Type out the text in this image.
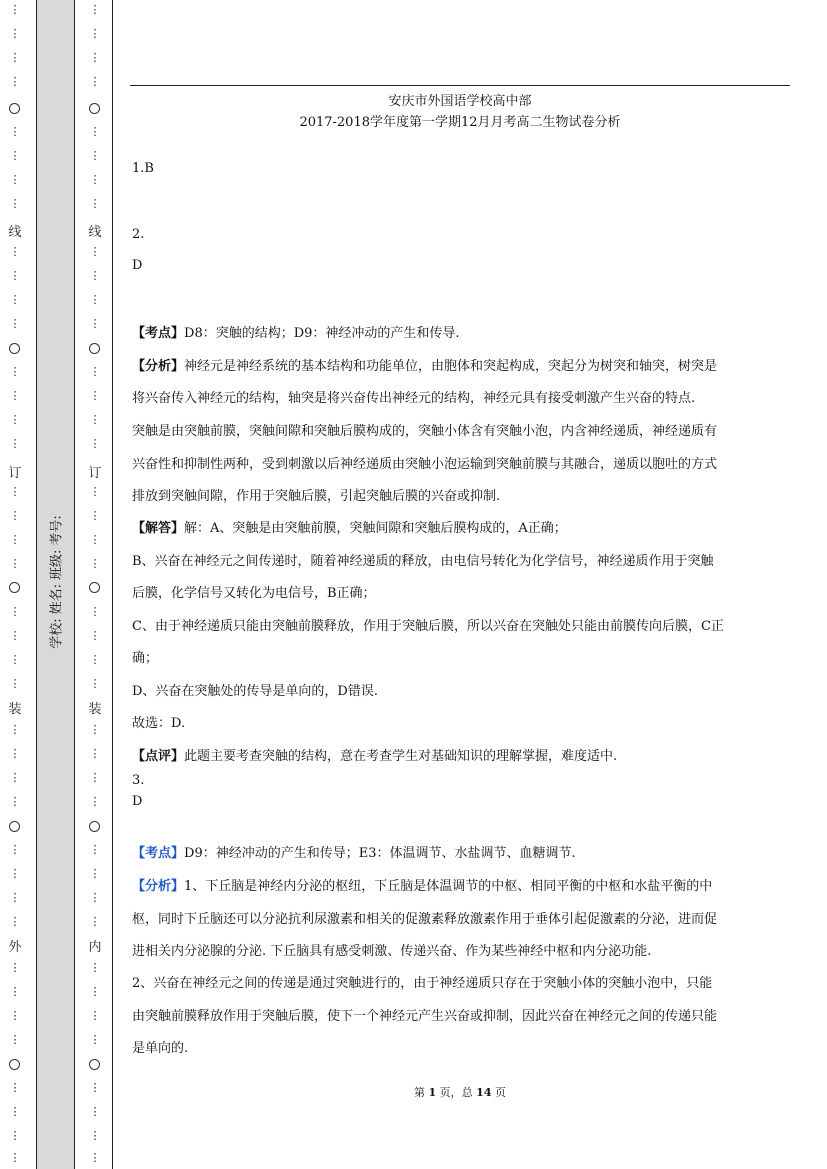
⋮
⋮
⋮
⋮
⋮
⋮
⋮
⋮
线
⋮
⋮
⋮
⋮
⋮
⋮
⋮
⋮
订
⋮
⋮
⋮
⋮
⋮
⋮
⋮
⋮
装
⋮
⋮
⋮
⋮
⋮
⋮
⋮
⋮
外
⋮
⋮
⋮
⋮
⋮
⋮
⋮
⋮
学校:
姓名:
班级:
考号:
⋮
⋮
⋮
⋮
⋮
⋮
⋮
⋮
线
⋮
⋮
⋮
⋮
⋮
⋮
⋮
⋮
订
⋮
⋮
⋮
⋮
⋮
⋮
⋮
⋮
装
⋮
⋮
⋮
⋮
⋮
⋮
⋮
⋮
内
⋮
⋮
⋮
⋮
⋮
⋮
⋮
⋮
安庆市外国语学校高中部
2017-2018学年度第一学期12月月考高二生物试卷分析
1.B
2.
D
【考点】D8：突触的结构；D9：神经冲动的产生和传导.
【分析】神经元是神经系统的基本结构和功能单位，由胞体和突起构成，突起分为树突和轴突，树突是
将兴奋传入神经元的结构，轴突是将兴奋传出神经元的结构，神经元具有接受刺激产生兴奋的特点.
突触是由突触前膜，突触间隙和突触后膜构成的，突触小体含有突触小泡，内含神经递质，神经递质有
兴奋性和抑制性两种，受到刺激以后神经递质由突触小泡运输到突触前膜与其融合，递质以胞吐的方式
排放到突触间隙，作用于突触后膜，引起突触后膜的兴奋或抑制.
【解答】解：A、突触是由突触前膜，突触间隙和突触后膜构成的，A正确；
B、兴奋在神经元之间传递时，随着神经递质的释放，由电信号转化为化学信号，神经递质作用于突触
后膜，化学信号又转化为电信号，B正确；
C、由于神经递质只能由突触前膜释放，作用于突触后膜，所以兴奋在突触处只能由前膜传向后膜，C正
确；
D、兴奋在突触处的传导是单向的，D错误.
故选：D.
【点评】此题主要考查突触的结构，意在考查学生对基础知识的理解掌握，难度适中.
3.
D
【考点】D9：神经冲动的产生和传导；E3：体温调节、水盐调节、血糖调节.
【分析】1、下丘脑是神经内分泌的枢纽，下丘脑是体温调节的中枢、相同平衡的中枢和水盐平衡的中
枢，同时下丘脑还可以分泌抗利尿激素和相关的促激素释放激素作用于垂体引起促激素的分泌，进而促
进相关内分泌腺的分泌. 下丘脑具有感受刺激、传递兴奋、作为某些神经中枢和内分泌功能.
2、兴奋在神经元之间的传递是通过突触进行的，由于神经递质只存在于突触小体的突触小泡中，只能
由突触前膜释放作用于突触后膜，使下一个神经元产生兴奋或抑制，因此兴奋在神经元之间的传递只能
是单向的.
第 1 页，总 14 页
